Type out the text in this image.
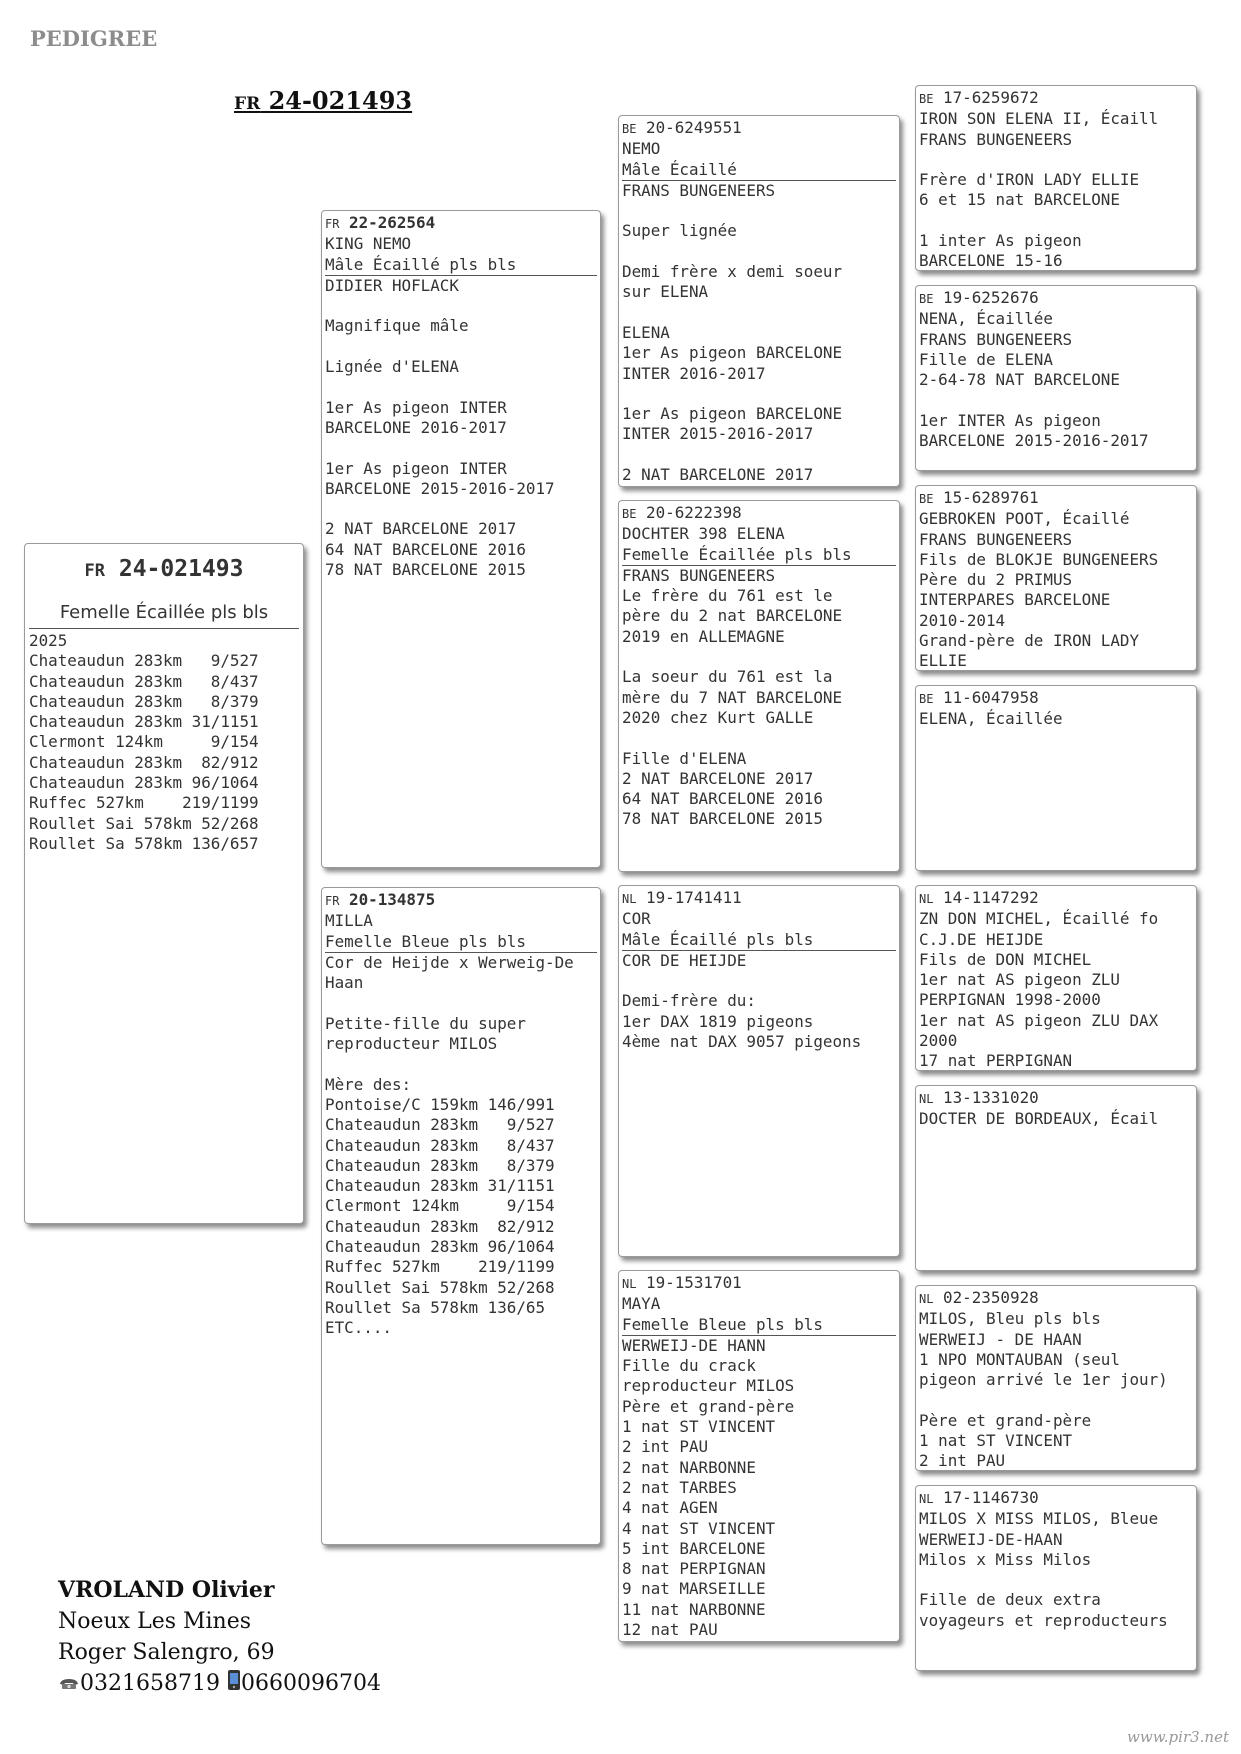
PEDIGREE
FR 24-021493
FR 24-021493
Femelle Écaillée pls bls
2025
Chateaudun 283km   9/527
Chateaudun 283km   8/437
Chateaudun 283km   8/379
Chateaudun 283km 31/1151
Clermont 124km     9/154
Chateaudun 283km  82/912
Chateaudun 283km 96/1064
Ruffec 527km    219/1199
Roullet Sai 578km 52/268
Roullet Sa 578km 136/657
FR 22-262564
KING NEMO
Mâle Écaillé pls bls
DIDIER HOFLACK
Magnifique mâle
Lignée d'ELENA
1er As pigeon INTER
BARCELONE 2016-2017
1er As pigeon INTER
BARCELONE 2015-2016-2017
2 NAT BARCELONE 2017
64 NAT BARCELONE 2016
78 NAT BARCELONE 2015
FR 20-134875
MILLA
Femelle Bleue pls bls
Cor de Heijde x Werweig-De
Haan
Petite-fille du super
reproducteur MILOS
Mère des:
Pontoise/C 159km 146/991
Chateaudun 283km   9/527
Chateaudun 283km   8/437
Chateaudun 283km   8/379
Chateaudun 283km 31/1151
Clermont 124km     9/154
Chateaudun 283km  82/912
Chateaudun 283km 96/1064
Ruffec 527km    219/1199
Roullet Sai 578km 52/268
Roullet Sa 578km 136/65
ETC....
BE 20-6249551
NEMO
Mâle Écaillé
FRANS BUNGENEERS
Super lignée
Demi frère x demi soeur
sur ELENA
ELENA
1er As pigeon BARCELONE
INTER 2016-2017
1er As pigeon BARCELONE
INTER 2015-2016-2017
2 NAT BARCELONE 2017
BE 20-6222398
DOCHTER 398 ELENA
Femelle Écaillée pls bls
FRANS BUNGENEERS
Le frère du 761 est le
père du 2 nat BARCELONE
2019 en ALLEMAGNE
La soeur du 761 est la
mère du 7 NAT BARCELONE
2020 chez Kurt GALLE
Fille d'ELENA
2 NAT BARCELONE 2017
64 NAT BARCELONE 2016
78 NAT BARCELONE 2015
NL 19-1741411
COR
Mâle Écaillé pls bls
COR DE HEIJDE
Demi-frère du:
1er DAX 1819 pigeons
4ème nat DAX 9057 pigeons
NL 19-1531701
MAYA
Femelle Bleue pls bls
WERWEIJ-DE HANN
Fille du crack
reproducteur MILOS
Père et grand-père
1 nat ST VINCENT
2 int PAU
2 nat NARBONNE
2 nat TARBES
4 nat AGEN
4 nat ST VINCENT
5 int BARCELONE
8 nat PERPIGNAN
9 nat MARSEILLE
11 nat NARBONNE
12 nat PAU
BE 17-6259672
IRON SON ELENA II, Écaill
FRANS BUNGENEERS
Frère d'IRON LADY ELLIE
6 et 15 nat BARCELONE
1 inter As pigeon
BARCELONE 15-16
BE 19-6252676
NENA, Écaillée
FRANS BUNGENEERS
Fille de ELENA
2-64-78 NAT BARCELONE
1er INTER As pigeon
BARCELONE 2015-2016-2017
BE 15-6289761
GEBROKEN POOT, Écaillé
FRANS BUNGENEERS
Fils de BLOKJE BUNGENEERS
Père du 2 PRIMUS
INTERPARES BARCELONE
2010-2014
Grand-père de IRON LADY
ELLIE
BE 11-6047958
ELENA, Écaillée
NL 14-1147292
ZN DON MICHEL, Écaillé fo
C.J.DE HEIJDE
Fils de DON MICHEL
1er nat AS pigeon ZLU
PERPIGNAN 1998-2000
1er nat AS pigeon ZLU DAX
2000
17 nat PERPIGNAN
NL 13-1331020
DOCTER DE BORDEAUX, Écail
NL 02-2350928
MILOS, Bleu pls bls
WERWEIJ - DE HAAN
1 NPO MONTAUBAN (seul
pigeon arrivé le 1er jour)
Père et grand-père
1 nat ST VINCENT
2 int PAU
NL 17-1146730
MILOS X MISS MILOS, Bleue
WERWEIJ-DE-HAAN
Milos x Miss Milos
Fille de deux extra
voyageurs et reproducteurs
VROLAND Olivier
Noeux Les Mines
Roger Salengro, 69
0321658719 0660096704
www.pir3.net
